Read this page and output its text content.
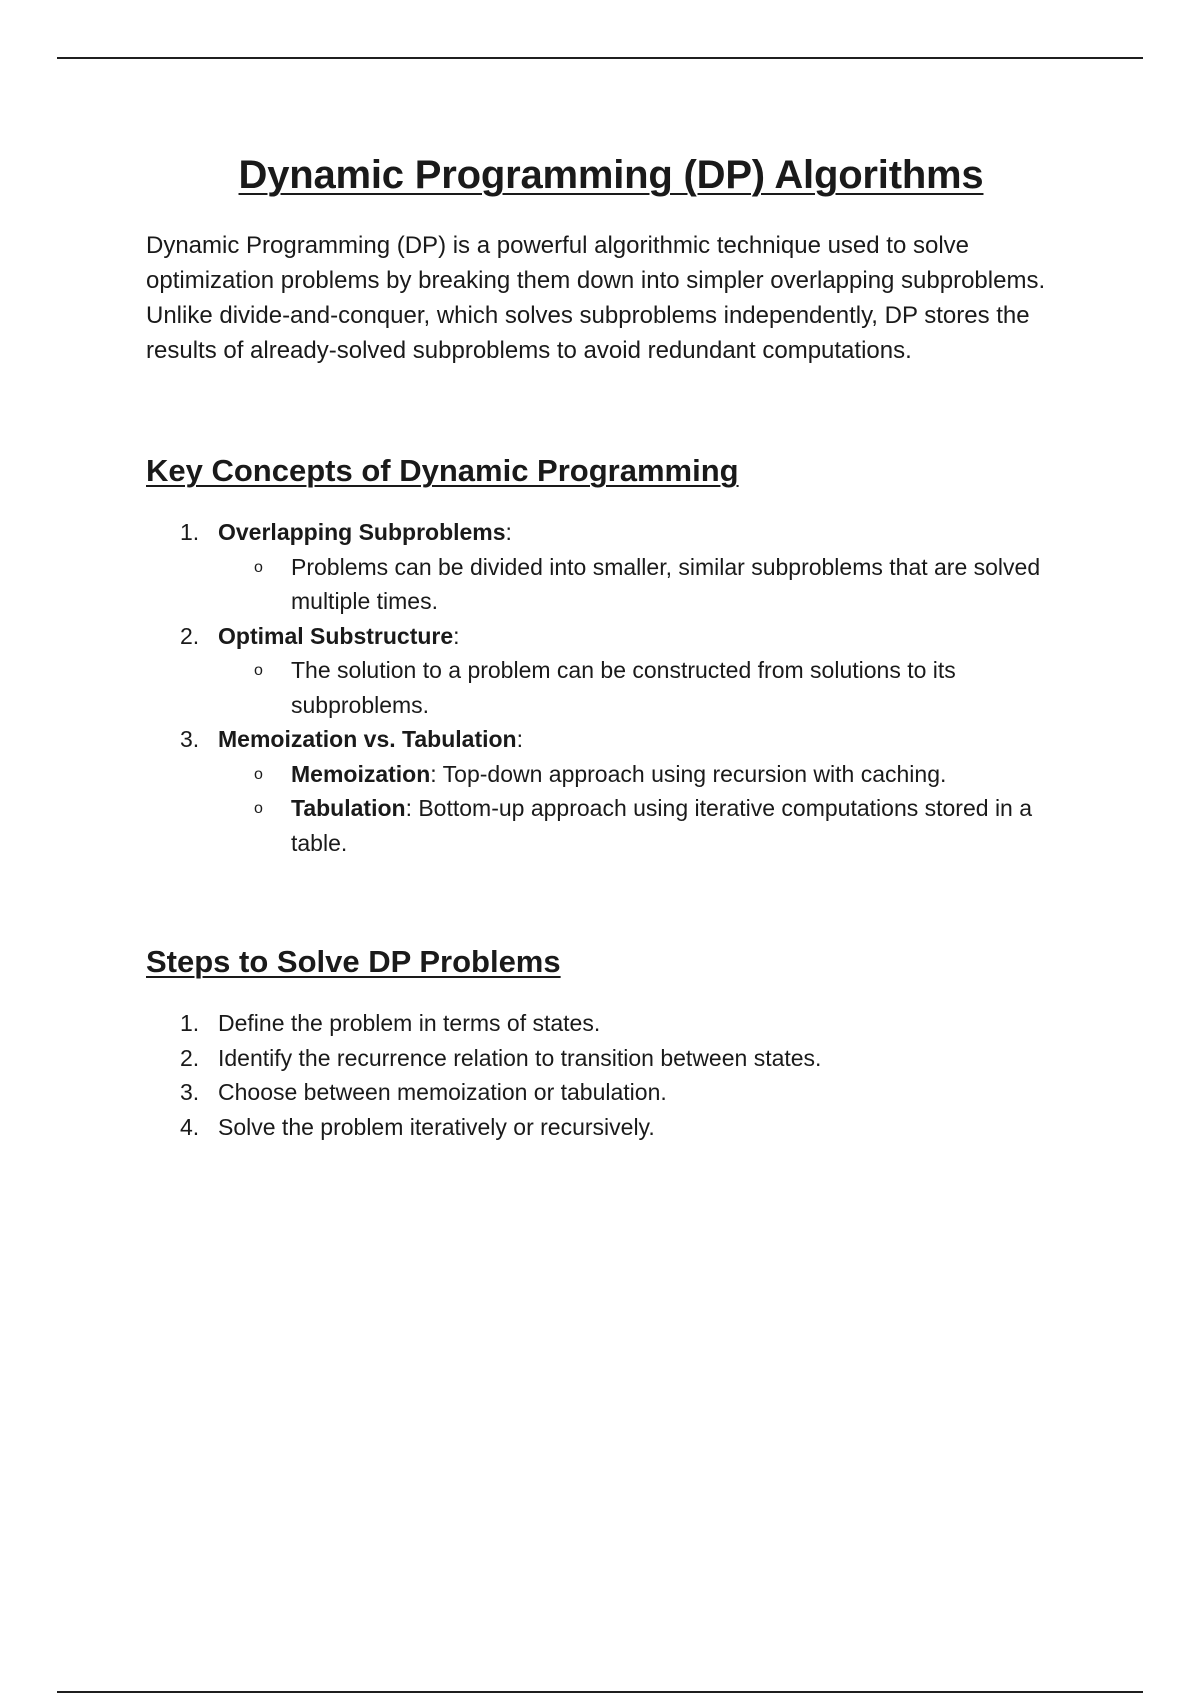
Dynamic Programming (DP) Algorithms

Dynamic Programming (DP) is a powerful algorithmic technique used to solve optimization problems by breaking them down into simpler overlapping subproblems. Unlike divide-and-conquer, which solves subproblems independently, DP stores the results of already-solved subproblems to avoid redundant computations.

Key Concepts of Dynamic Programming
1. Overlapping Subproblems:
o Problems can be divided into smaller, similar subproblems that are solved multiple times.
2. Optimal Substructure:
o The solution to a problem can be constructed from solutions to its subproblems.
3. Memoization vs. Tabulation:
o Memoization: Top-down approach using recursion with caching.
o Tabulation: Bottom-up approach using iterative computations stored in a table.
Steps to Solve DP Problems
1. Define the problem in terms of states.
2. Identify the recurrence relation to transition between states.
3. Choose between memoization or tabulation.
4. Solve the problem iteratively or recursively.
